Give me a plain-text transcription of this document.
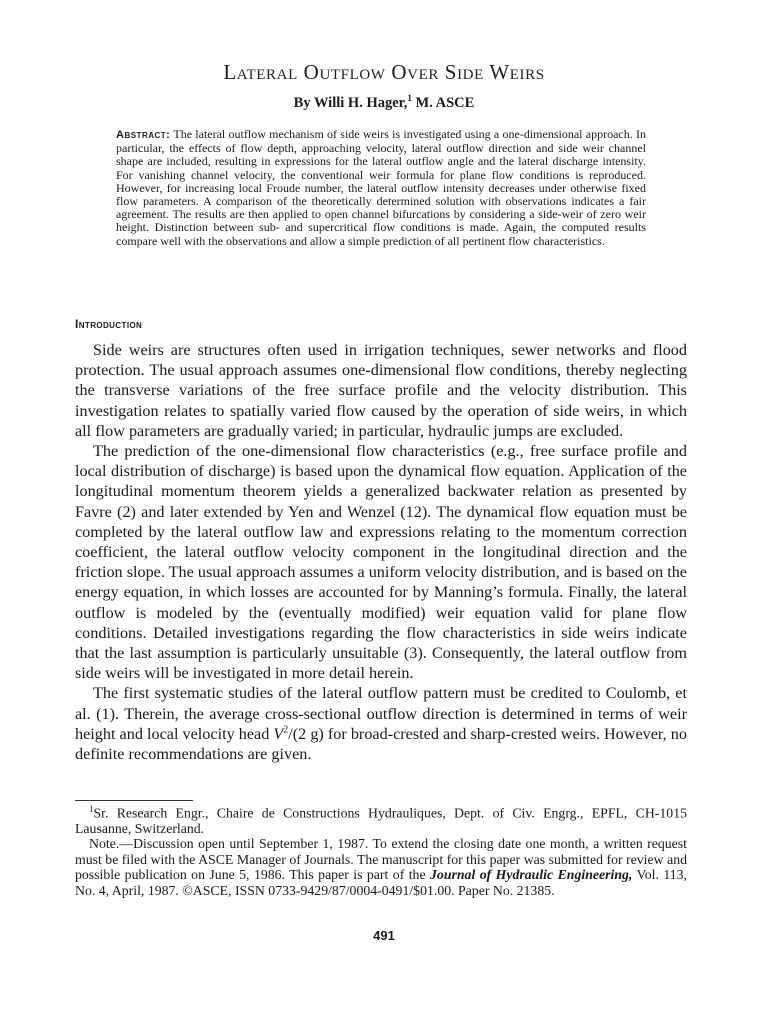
Lateral Outflow Over Side Weirs
By Willi H. Hager,$^1$ M. ASCE

Abstract: The lateral outflow mechanism of side weirs is investigated using a one-dimensional approach. In particular, the effects of flow depth, approaching velocity, lateral outflow direction and side weir channel shape are included, resulting in expressions for the lateral outflow angle and the lateral discharge intensity. For vanishing channel velocity, the conventional weir formula for plane flow conditions is reproduced. However, for increasing local Froude number, the lateral outflow intensity decreases under otherwise fixed flow parameters. A comparison of the theoretically determined solution with observations indicates a fair agreement. The results are then applied to open channel bifurcations by considering a side-weir of zero weir height. Distinction between sub- and supercritical flow conditions is made. Again, the computed results compare well with the observations and allow a simple prediction of all pertinent flow characteristics.

Introduction

Side weirs are structures often used in irrigation techniques, sewer networks and flood protection. The usual approach assumes one-dimensional flow conditions, thereby neglecting the transverse variations of the free surface profile and the velocity distribution. This investigation relates to spatially varied flow caused by the operation of side weirs, in which all flow parameters are gradually varied; in particular, hydraulic jumps are excluded.

The prediction of the one-dimensional flow characteristics (e.g., free surface profile and local distribution of discharge) is based upon the dynamical flow equation. Application of the longitudinal momentum theorem yields a generalized backwater relation as presented by Favre (2) and later extended by Yen and Wenzel (12). The dynamical flow equation must be completed by the lateral outflow law and expressions relating to the momentum correction coefficient, the lateral outflow velocity component in the longitudinal direction and the friction slope. The usual approach assumes a uniform velocity distribution, and is based on the energy equation, in which losses are accounted for by Manning’s formula. Finally, the lateral outflow is modeled by the (eventually modified) weir equation valid for plane flow conditions. Detailed investigations regarding the flow characteristics in side weirs indicate that the last assumption is particularly unsuitable (3). Consequently, the lateral outflow from side weirs will be investigated in more detail herein.

The first systematic studies of the lateral outflow pattern must be credited to Coulomb, et al. (1). Therein, the average cross-sectional outflow direction is determined in terms of weir height and local velocity head $V^2/(2$ g) for broad-crested and sharp-crested weirs. However, no definite recommendations are given.

$^1$Sr. Research Engr., Chaire de Constructions Hydrauliques, Dept. of Civ. Engrg., EPFL, CH-1015 Lausanne, Switzerland.

Note.—Discussion open until September 1, 1987. To extend the closing date one month, a written request must be filed with the ASCE Manager of Journals. The manuscript for this paper was submitted for review and possible publication on June 5, 1986. This paper is part of the Journal of Hydraulic Engineering, Vol. 113, No. 4, April, 1987. ©ASCE, ISSN 0733-9429/87/0004-0491/$01.00. Paper No. 21385.

491
